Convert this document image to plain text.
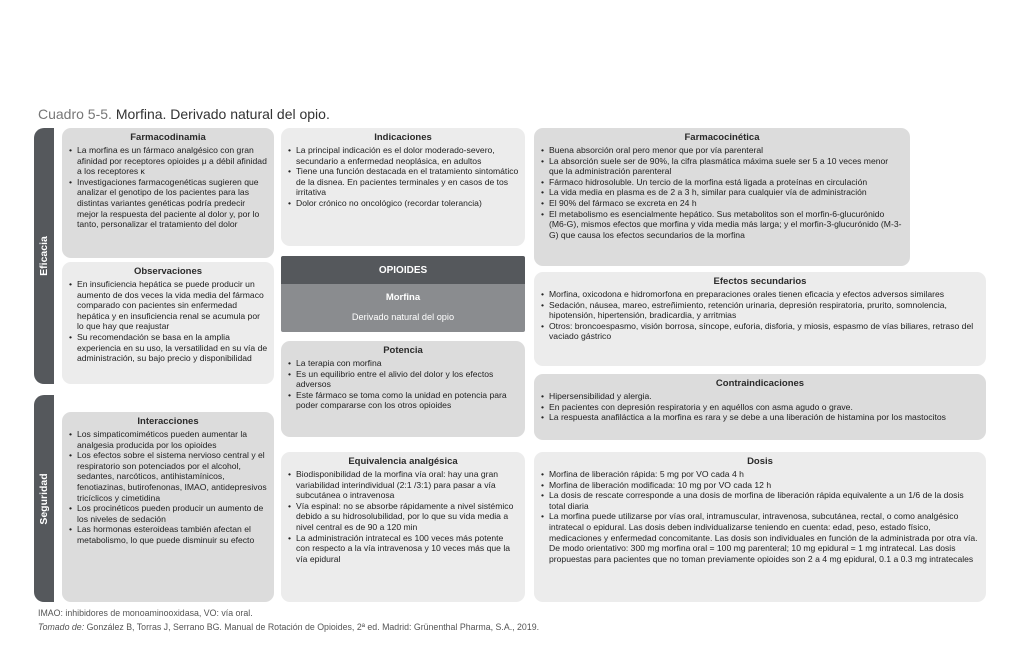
Cuadro 5-5. Morfina. Derivado natural del opio.
Eficacia
Seguridad
Farmacodinamia
• La morfina es un fármaco analgésico con gran afinidad por receptores opioides μ a débil afinidad a los receptores κ
• Investigaciones farmacogenéticas sugieren que analizar el genotipo de los pacientes para las distintas variantes genéticas podría predecir mejor la respuesta del paciente al dolor y, por lo tanto, personalizar el tratamiento del dolor
Observaciones
• En insuficiencia hepática se puede producir un aumento de dos veces la vida media del fármaco comparado con pacientes sin enfermedad hepática y en insuficiencia renal se acumula por lo que hay que reajustar
• Su recomendación se basa en la amplia experiencia en su uso, la versatilidad en su vía de administración, su bajo precio y disponibilidad
Interacciones
• Los simpaticomiméticos pueden aumentar la analgesia producida por los opioides
• Los efectos sobre el sistema nervioso central y el respiratorio son potenciados por el alcohol, sedantes, narcóticos, antihistamínicos, fenotiazinas, butirofenonas, IMAO, antidepresivos tricíclicos y cimetidina
• Los procinéticos pueden producir un aumento de los niveles de sedación
• Las hormonas esteroideas también afectan el metabolismo, lo que puede disminuir su efecto
Indicaciones
• La principal indicación es el dolor moderado-severo, secundario a enfermedad neoplásica, en adultos
• Tiene una función destacada en el tratamiento sintomático de la disnea. En pacientes terminales y en casos de tos irritativa
• Dolor crónico no oncológico (recordar tolerancia)
OPIOIDES
Morfina
Derivado natural del opio
Potencia
• La terapia con morfina
• Es un equilibrio entre el alivio del dolor y los efectos adversos
• Este fármaco se toma como la unidad en potencia para poder compararse con los otros opioides
Equivalencia analgésica
• Biodisponibilidad de la morfina vía oral: hay una gran variabilidad interindividual (2:1 /3:1) para pasar a vía subcutánea o intravenosa
• Vía espinal: no se absorbe rápidamente a nivel sistémico debido a su hidrosolubilidad, por lo que su vida media a nivel central es de 90 a 120 min
• La administración intratecal es 100 veces más potente con respecto a la vía intravenosa y 10 veces más que la vía epidural
Farmacocinética
• Buena absorción oral pero menor que por vía parenteral
• La absorción suele ser de 90%, la cifra plasmática máxima suele ser 5 a 10 veces menor que la administración parenteral
• Fármaco hidrosoluble. Un tercio de la morfina está ligada a proteínas en circulación
• La vida media en plasma es de 2 a 3 h, similar para cualquier vía de administración
• El 90% del fármaco se excreta en 24 h
• El metabolismo es esencialmente hepático. Sus metabolitos son el morfin-6-glucurónido (M6-G), mismos efectos que morfina y vida media más larga; y el morfin-3-glucurónido (M-3-G) que causa los efectos secundarios de la morfina
Efectos secundarios
• Morfina, oxicodona e hidromorfona en preparaciones orales tienen eficacia y efectos adversos similares
• Sedación, náusea, mareo, estreñimiento, retención urinaria, depresión respiratoria, prurito, somnolencia, hipotensión, hipertensión, bradicardia, y arritmias
• Otros: broncoespasmo, visión borrosa, síncope, euforia, disforia, y miosis, espasmo de vías biliares, retraso del vaciado gástrico
Contraindicaciones
• Hipersensibilidad y alergia.
• En pacientes con depresión respiratoria y en aquéllos con asma agudo o grave.
• La respuesta anafiláctica a la morfina es rara y se debe a una liberación de histamina por los mastocitos
Dosis
• Morfina de liberación rápida: 5 mg por VO cada 4 h
• Morfina de liberación modificada: 10 mg por VO cada 12 h
• La dosis de rescate corresponde a una dosis de morfina de liberación rápida equivalente a un 1/6 de la dosis total diaria
• La morfina puede utilizarse por vías oral, intramuscular, intravenosa, subcutánea, rectal, o como analgésico intratecal o epidural. Las dosis deben individualizarse teniendo en cuenta: edad, peso, estado físico, medicaciones y enfermedad concomitante. Las dosis son individuales en función de la administrada por otra vía. De modo orientativo: 300 mg morfina oral = 100 mg parenteral; 10 mg epidural = 1 mg intratecal. Las dosis propuestas para pacientes que no toman previamente opioides son 2 a 4 mg epidural, 0.1 a 0.3 mg intratecales
IMAO: inhibidores de monoaminooxidasa, VO: vía oral.
Tomado de: González B, Torras J, Serrano BG. Manual de Rotación de Opioides, 2ª ed. Madrid: Grünenthal Pharma, S.A., 2019.
